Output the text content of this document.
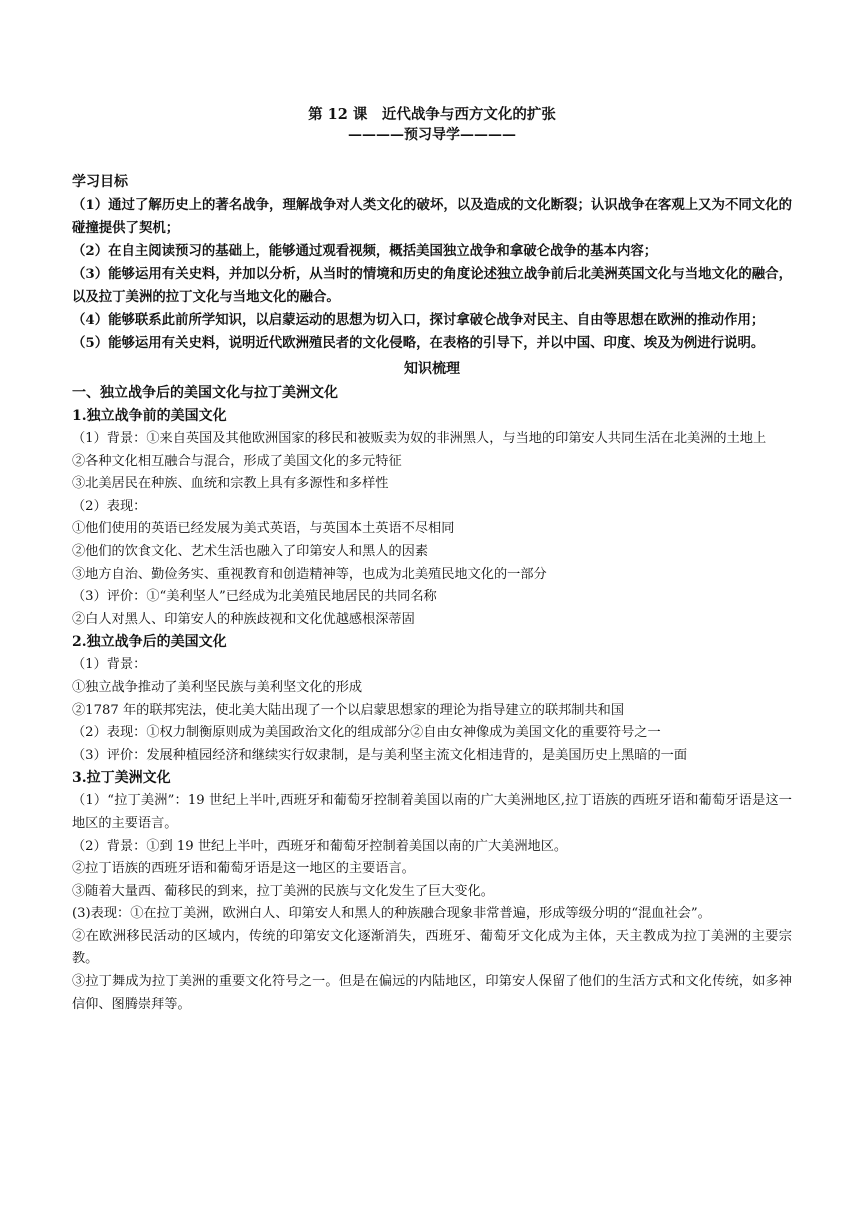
第 12 课　近代战争与西方文化的扩张
————预习导学————
学习目标
（1）通过了解历史上的著名战争，理解战争对人类文化的破坏，以及造成的文化断裂；认识战争在客观上又为不同文化的碰撞提供了契机；
（2）在自主阅读预习的基础上，能够通过观看视频，概括美国独立战争和拿破仑战争的基本内容；
（3）能够运用有关史料，并加以分析，从当时的情境和历史的角度论述独立战争前后北美洲英国文化与当地文化的融合，以及拉丁美洲的拉丁文化与当地文化的融合。
（4）能够联系此前所学知识，以启蒙运动的思想为切入口，探讨拿破仑战争对民主、自由等思想在欧洲的推动作用；
（5）能够运用有关史料，说明近代欧洲殖民者的文化侵略，在表格的引导下，并以中国、印度、埃及为例进行说明。
知识梳理
一、独立战争后的美国文化与拉丁美洲文化
1.独立战争前的美国文化
（1）背景：①来自英国及其他欧洲国家的移民和被贩卖为奴的非洲黑人，与当地的印第安人共同生活在北美洲的土地上
②各种文化相互融合与混合，形成了美国文化的多元特征
③北美居民在种族、血统和宗教上具有多源性和多样性
（2）表现：
①他们使用的英语已经发展为美式英语，与英国本土英语不尽相同
②他们的饮食文化、艺术生活也融入了印第安人和黑人的因素
③地方自治、勤俭务实、重视教育和创造精神等，也成为北美殖民地文化的一部分
（3）评价：①“美利坚人”已经成为北美殖民地居民的共同名称
②白人对黑人、印第安人的种族歧视和文化优越感根深蒂固
2.独立战争后的美国文化
（1）背景：
①独立战争推动了美利坚民族与美利坚文化的形成
②1787 年的联邦宪法，使北美大陆出现了一个以启蒙思想家的理论为指导建立的联邦制共和国
（2）表现：①权力制衡原则成为美国政治文化的组成部分②自由女神像成为美国文化的重要符号之一
（3）评价：发展种植园经济和继续实行奴隶制，是与美利坚主流文化相违背的，是美国历史上黑暗的一面
3.拉丁美洲文化
（1）“拉丁美洲”：19 世纪上半叶,西班牙和葡萄牙控制着美国以南的广大美洲地区,拉丁语族的西班牙语和葡萄牙语是这一地区的主要语言。
（2）背景：①到 19 世纪上半叶，西班牙和葡萄牙控制着美国以南的广大美洲地区。
②拉丁语族的西班牙语和葡萄牙语是这一地区的主要语言。
③随着大量西、葡移民的到来，拉丁美洲的民族与文化发生了巨大变化。
(3)表现：①在拉丁美洲，欧洲白人、印第安人和黑人的种族融合现象非常普遍，形成等级分明的“混血社会”。
②在欧洲移民活动的区域内，传统的印第安文化逐渐消失，西班牙、葡萄牙文化成为主体，天主教成为拉丁美洲的主要宗教。
③拉丁舞成为拉丁美洲的重要文化符号之一。但是在偏远的内陆地区，印第安人保留了他们的生活方式和文化传统，如多神信仰、图腾崇拜等。
